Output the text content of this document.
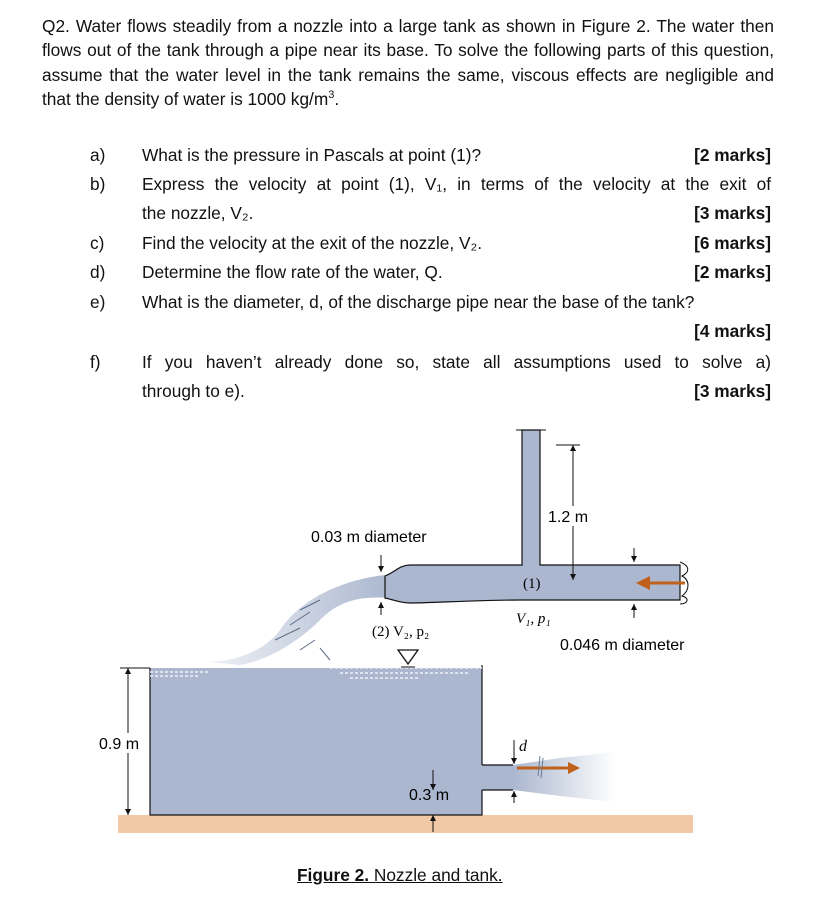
Q2. Water flows steadily from a nozzle into a large tank as shown in Figure 2. The water then flows out of the tank through a pipe near its base. To solve the following parts of this question, assume that the water level in the tank remains the same, viscous effects are negligible and that the density of water is 1000 $kg/m^3$.
a) What is the pressure in Pascals at point (1)?	[2 marks]
b) Express the velocity at point (1), V₁, in terms of the velocity at the exit of
the nozzle, V₂.	[3 marks]
c) Find the velocity at the exit of the nozzle, V₂.	[6 marks]
d) Determine the flow rate of the water, Q.	[2 marks]
e) What is the diameter, d, of the discharge pipe near the base of the tank?
[4 marks]
f) If you haven’t already done so, state all assumptions used to solve a)
through to e).	[3 marks]
1.2 m
0.046 m diameter
0.03 m diameter
(1)
V₁, p₁
(2) V₂, p₂
0.9 m
0.3 m
d
Figure 2. Nozzle and tank.
